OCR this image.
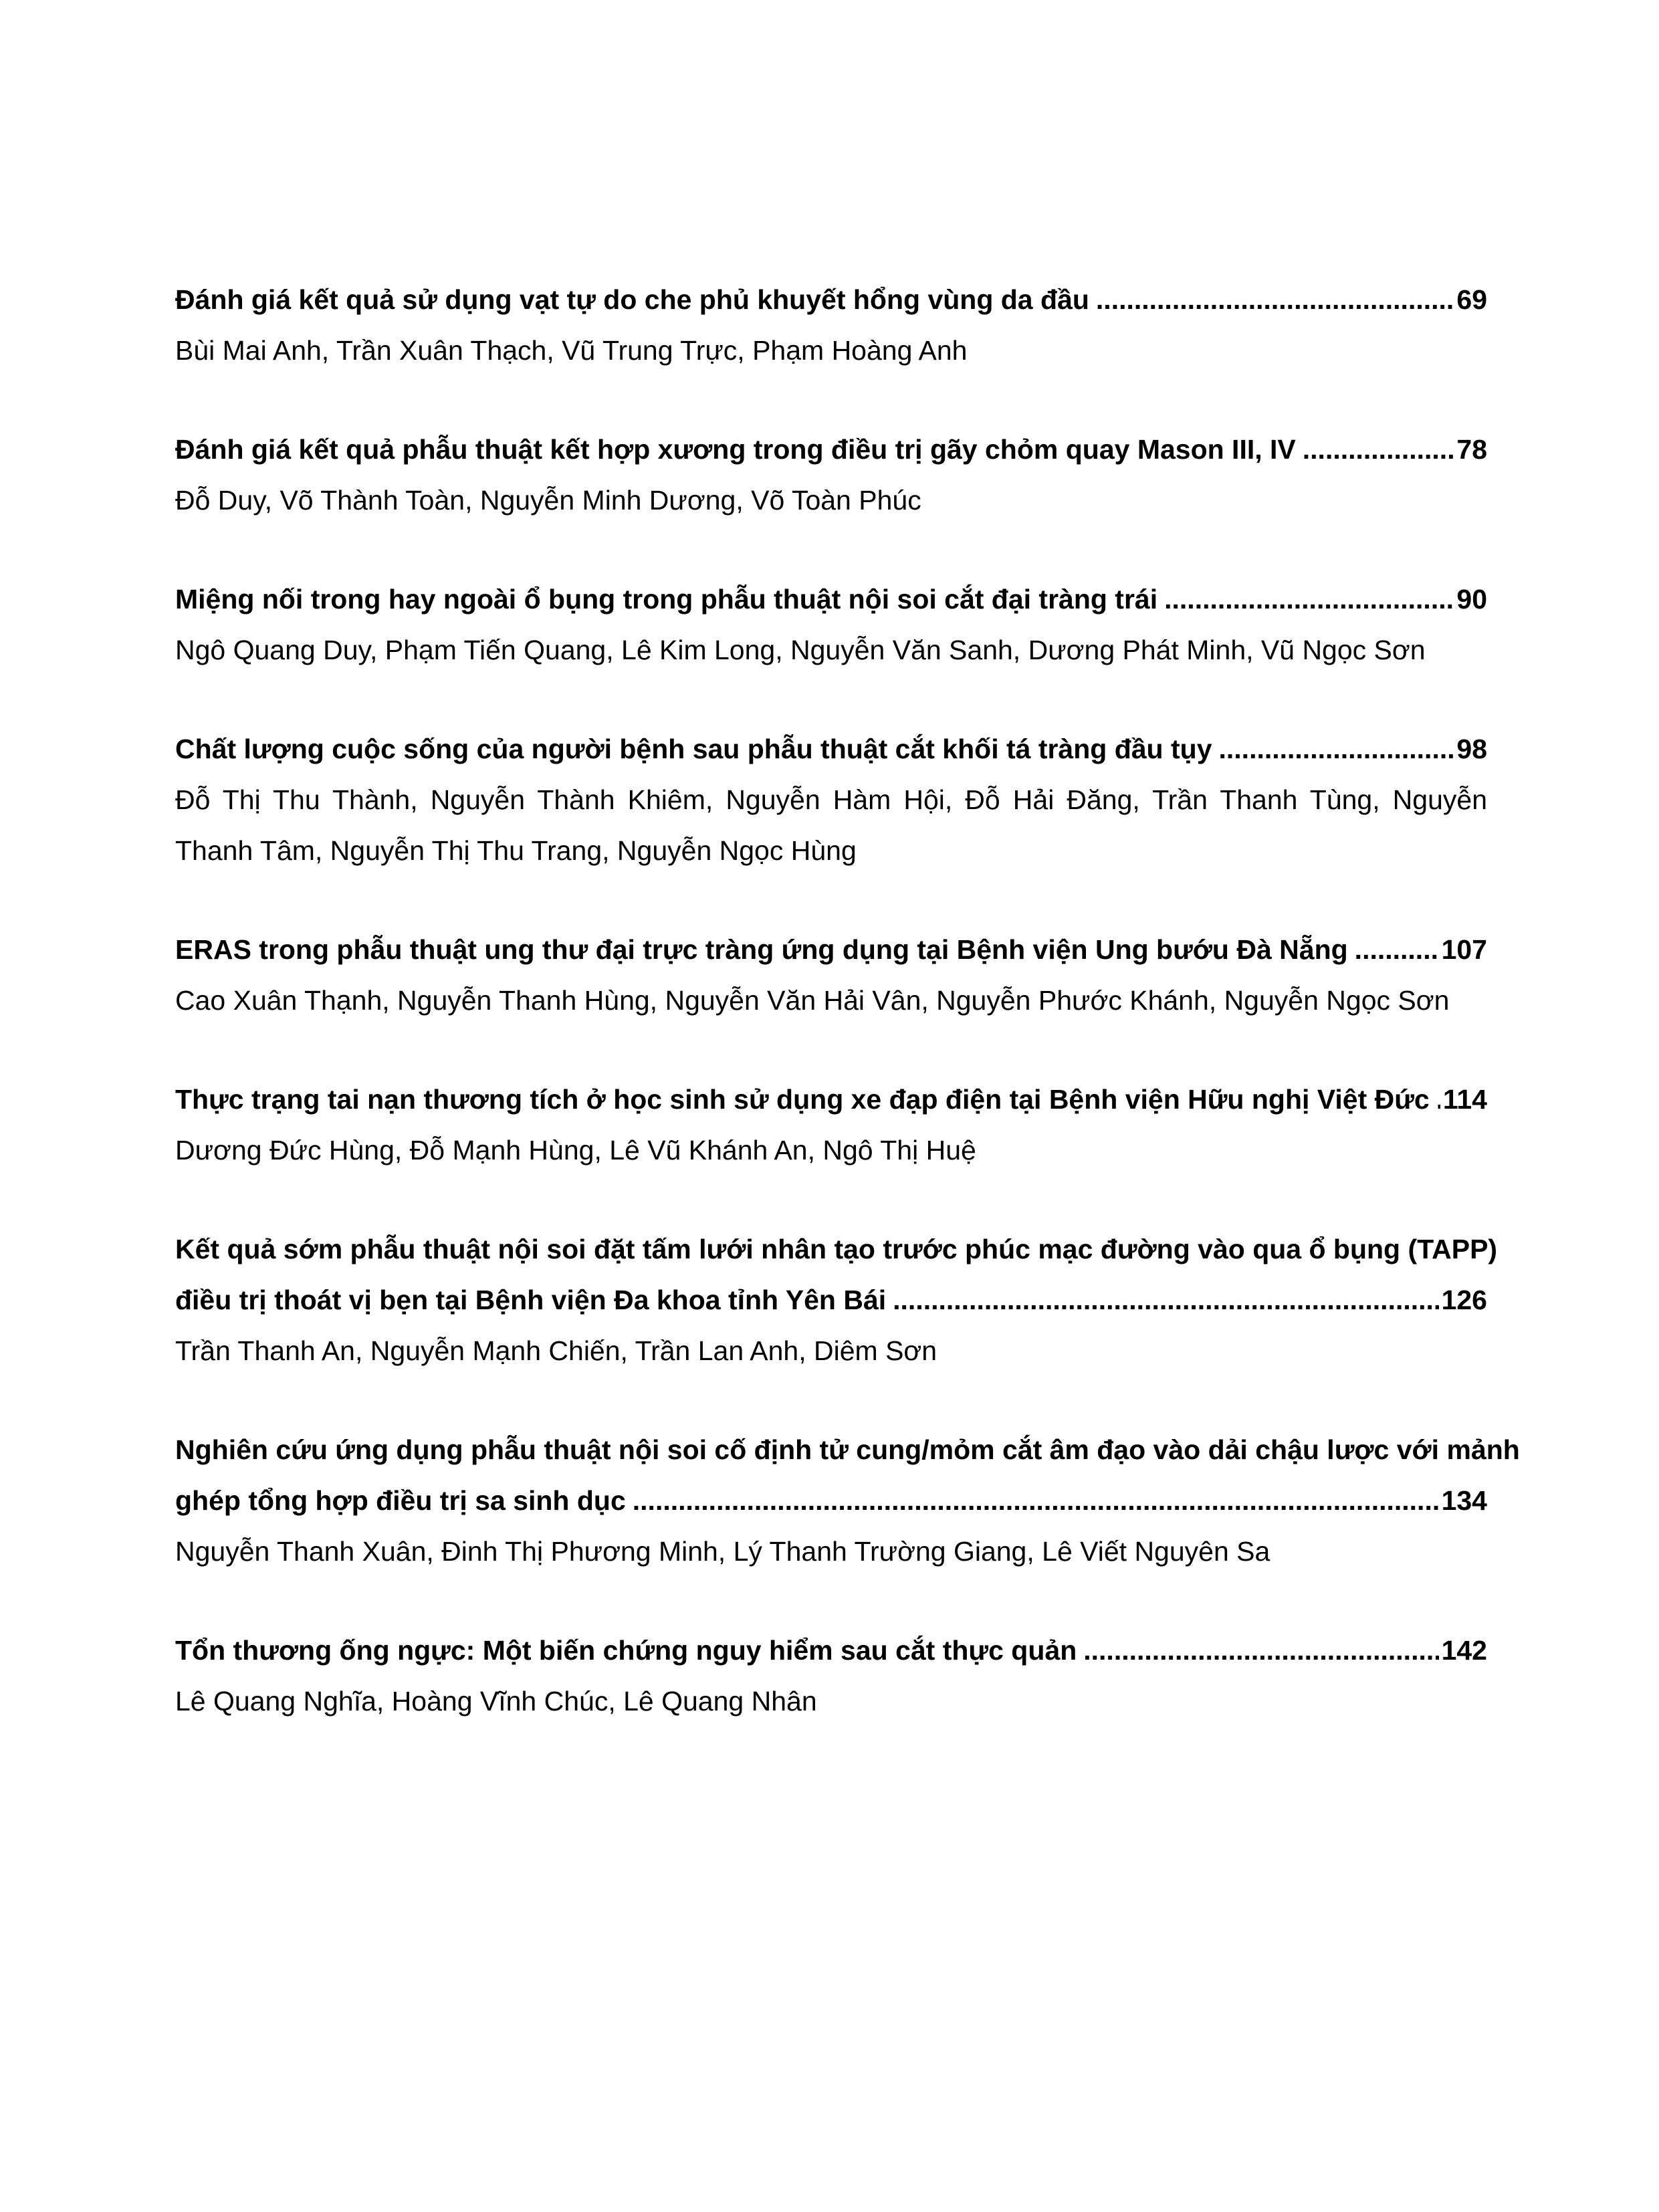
Đánh giá kết quả sử dụng vạt tự do che phủ khuyết hổng vùng da đầu .....	69
Bùi Mai Anh, Trần Xuân Thạch, Vũ Trung Trực, Phạm Hoàng Anh
Đánh giá kết quả phẫu thuật kết hợp xương trong điều trị gãy chỏm quay Mason III, IV .....	78
Đỗ Duy, Võ Thành Toàn, Nguyễn Minh Dương, Võ Toàn Phúc
Miệng nối trong hay ngoài ổ bụng trong phẫu thuật nội soi cắt đại tràng trái .....	90
Ngô Quang Duy, Phạm Tiến Quang, Lê Kim Long, Nguyễn Văn Sanh, Dương Phát Minh, Vũ Ngọc Sơn
Chất lượng cuộc sống của người bệnh sau phẫu thuật cắt khối tá tràng đầu tụy .....	98
Đỗ Thị Thu Thành, Nguyễn Thành Khiêm, Nguyễn Hàm Hội, Đỗ Hải Đăng, Trần Thanh Tùng, Nguyễn Thanh Tâm, Nguyễn Thị Thu Trang, Nguyễn Ngọc Hùng
ERAS trong phẫu thuật ung thư đại trực tràng ứng dụng tại Bệnh viện Ung bướu Đà Nẵng .....	107
Cao Xuân Thạnh, Nguyễn Thanh Hùng, Nguyễn Văn Hải Vân, Nguyễn Phước Khánh, Nguyễn Ngọc Sơn
Thực trạng tai nạn thương tích ở học sinh sử dụng xe đạp điện tại Bệnh viện Hữu nghị Việt Đức ..... 114
Dương Đức Hùng, Đỗ Mạnh Hùng, Lê Vũ Khánh An, Ngô Thị Huệ
Kết quả sớm phẫu thuật nội soi đặt tấm lưới nhân tạo trước phúc mạc đường vào qua ổ bụng (TAPP)
điều trị thoát vị bẹn tại Bệnh viện Đa khoa tỉnh Yên Bái .....	126
Trần Thanh An, Nguyễn Mạnh Chiến, Trần Lan Anh, Diêm Sơn
Nghiên cứu ứng dụng phẫu thuật nội soi cố định tử cung/mỏm cắt âm đạo vào dải chậu lược với mảnh
ghép tổng hợp điều trị sa sinh dục .....	134
Nguyễn Thanh Xuân, Đinh Thị Phương Minh, Lý Thanh Trường Giang, Lê Viết Nguyên Sa
Tổn thương ống ngực: Một biến chứng nguy hiểm sau cắt thực quản .....	142
Lê Quang Nghĩa, Hoàng Vĩnh Chúc, Lê Quang Nhân
